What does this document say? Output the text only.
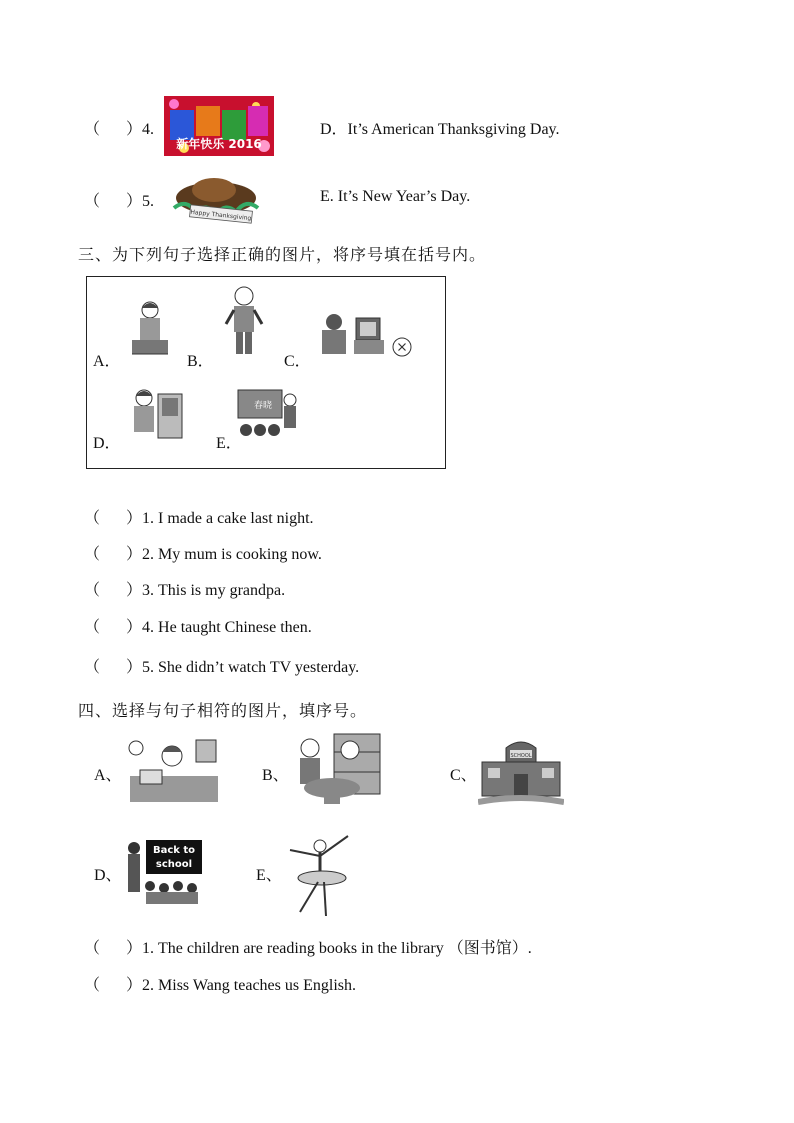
（ ）4.
新年快乐 2016
D．It’s American Thanksgiving Day.
（ ）5.
Happy Thanksgiving
E. It’s New Year’s Day.
三、为下列句子选择正确的图片，将序号填在括号内。
A．	B．	C．
D．	E．
春晓
（ ）1. I made a cake last night.
（ ）2. My mum is cooking now.
（ ）3. This is my grandpa.
（ ）4. He taught Chinese then.
（ ）5. She didn’t watch TV yesterday.
四、选择与句子相符的图片，填序号。
A、	B、	C、
SCHOOL
D、
Back to
school
E、
（ ）1. The children are reading books in the library （图书馆）.
（ ）2. Miss Wang teaches us English.
